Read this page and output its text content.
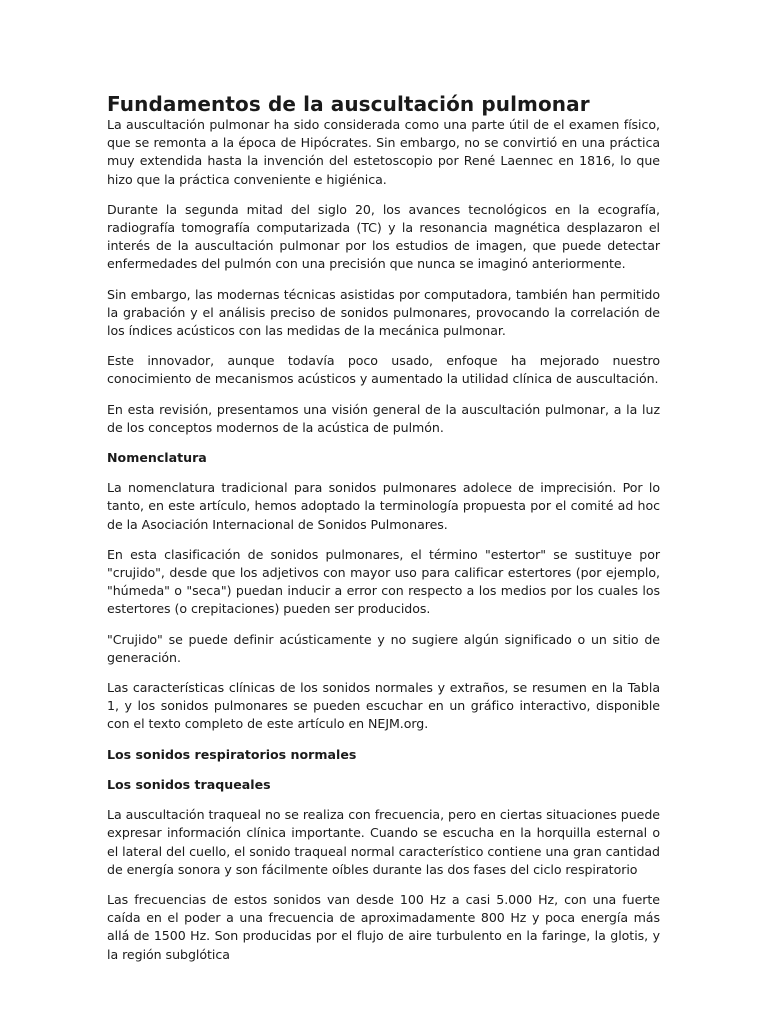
Fundamentos de la auscultación pulmonar

La auscultación pulmonar ha sido considerada como una parte útil de el examen físico, que se remonta a la época de Hipócrates. Sin embargo, no se convirtió en una práctica muy extendida hasta la invención del estetoscopio por René Laennec en 1816, lo que hizo que la práctica conveniente e higiénica.

Durante la segunda mitad del siglo 20, los avances tecnológicos en la ecografía, radiografía tomografía computarizada (TC) y la resonancia magnética desplazaron el interés de la auscultación pulmonar por los estudios de imagen, que puede detectar enfermedades del pulmón con una precisión que nunca se imaginó anteriormente.

Sin embargo, las modernas técnicas asistidas por computadora, también han permitido la grabación y el análisis preciso de sonidos pulmonares, provocando la correlación de los índices acústicos con las medidas de la mecánica pulmonar.

Este innovador, aunque todavía poco usado, enfoque ha mejorado nuestro conocimiento de mecanismos acústicos y aumentado la utilidad clínica de auscultación.

En esta revisión, presentamos una visión general de la auscultación pulmonar, a la luz de los conceptos modernos de la acústica de pulmón.

Nomenclatura

La nomenclatura tradicional para sonidos pulmonares adolece de imprecisión. Por lo tanto, en este artículo, hemos adoptado la terminología propuesta por el comité ad hoc de la Asociación Internacional de Sonidos Pulmonares.

En esta clasificación de sonidos pulmonares, el término "estertor" se sustituye por "crujido", desde que los adjetivos con mayor uso para calificar estertores (por ejemplo, "húmeda" o "seca") puedan inducir a error con respecto a los medios por los cuales los estertores (o crepitaciones) pueden ser producidos.

"Crujido" se puede definir acústicamente y no sugiere algún significado o un sitio de generación.

Las características clínicas de los sonidos normales y extraños, se resumen en la Tabla 1, y los sonidos pulmonares se pueden escuchar en un gráfico interactivo, disponible con el texto completo de este artículo en NEJM.org.

Los sonidos respiratorios normales
Los sonidos traqueales

La auscultación traqueal no se realiza con frecuencia, pero en ciertas situaciones puede expresar información clínica importante. Cuando se escucha en la horquilla esternal o el lateral del cuello, el sonido traqueal normal característico contiene una gran cantidad de energía sonora y son fácilmente oíbles durante las dos fases del ciclo respiratorio

Las frecuencias de estos sonidos van desde 100 Hz a casi 5.000 Hz, con una fuerte caída en el poder a una frecuencia de aproximadamente 800 Hz y poca energía más allá de 1500 Hz. Son producidas por el flujo de aire turbulento en la faringe, la glotis, y la región subglótica
